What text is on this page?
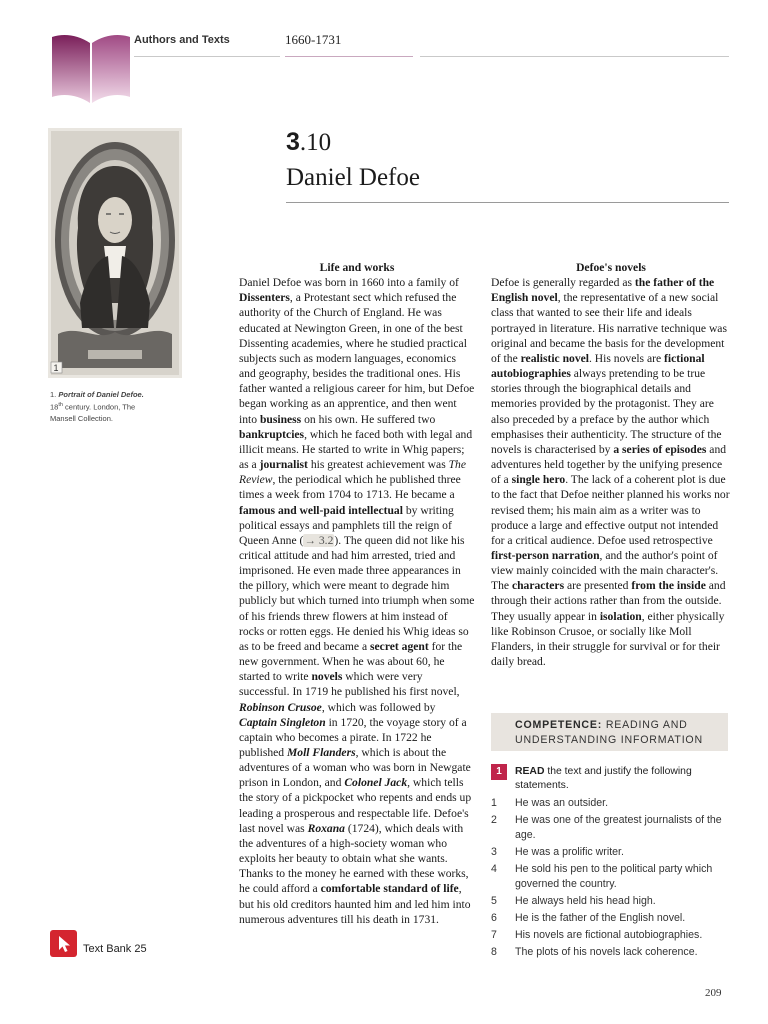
Authors and Texts	1660-1731
3.10
Daniel Defoe
1
1. Portrait of Daniel Defoe.
18th century. London, The
Mansell Collection.

Life and works

Daniel Defoe was born in 1660 into a family of Dissenters, a Protestant sect which refused the authority of the Church of England. He was educated at Newington Green, in one of the best Dissenting academies, where he studied practical subjects such as modern languages, economics and geography, besides the traditional ones. His father wanted a religious career for him, but Defoe began working as an apprentice, and then went into business on his own. He suffered two bankruptcies, which he faced both with legal and illicit means. He started to write in Whig papers; as a journalist his greatest achievement was The Review, the periodical which he published three times a week from 1704 to 1713. He became a famous and well-paid intellectual by writing political essays and pamphlets till the reign of Queen Anne (→ 3.2). The queen did not like his critical attitude and had him arrested, tried and imprisoned. He even made three appearances in the pillory, which were meant to degrade him publicly but which turned into triumph when some of his friends threw flowers at him instead of rocks or rotten eggs. He denied his Whig ideas so as to be freed and became a secret agent for the new government. When he was about 60, he started to write novels which were very successful. In 1719 he published his first novel, Robinson Crusoe, which was followed by Captain Singleton in 1720, the voyage story of a captain who becomes a pirate. In 1722 he published Moll Flanders, which is about the adventures of a woman who was born in Newgate prison in London, and Colonel Jack, which tells the story of a pickpocket who repents and ends up leading a prosperous and respectable life. Defoe's last novel was Roxana (1724), which deals with the adventures of a high-society woman who exploits her beauty to obtain what she wants. Thanks to the money he earned with these works, he could afford a comfortable standard of life, but his old creditors haunted him and led him into numerous adventures till his death in 1731.

Defoe's novels

Defoe is generally regarded as the father of the English novel, the representative of a new social class that wanted to see their life and ideals portrayed in literature. His narrative technique was original and became the basis for the development of the realistic novel. His novels are fictional autobiographies always pretending to be true stories through the biographical details and memories provided by the protagonist. They are also preceded by a preface by the author which emphasises their authenticity. The structure of the novels is characterised by a series of episodes and adventures held together by the unifying presence of a single hero. The lack of a coherent plot is due to the fact that Defoe neither planned his works nor revised them; his main aim as a writer was to produce a large and effective output not intended for a critical audience. Defoe used retrospective first-person narration, and the author's point of view mainly coincided with the main character's. The characters are presented from the inside and through their actions rather than from the outside. They usually appear in isolation, either physically like Robinson Crusoe, or socially like Moll Flanders, in their struggle for survival or for their daily bread.

COMPETENCE: READING AND
UNDERSTANDING INFORMATION
1	READ the text and justify the following statements.
1 He was an outsider.
2 He was one of the greatest journalists of the age.
3 He was a prolific writer.
4 He sold his pen to the political party which governed the country.
5 He always held his head high.
6 He is the father of the English novel.
7 His novels are fictional autobiographies.
8 The plots of his novels lack coherence.
Text Bank 25
209
